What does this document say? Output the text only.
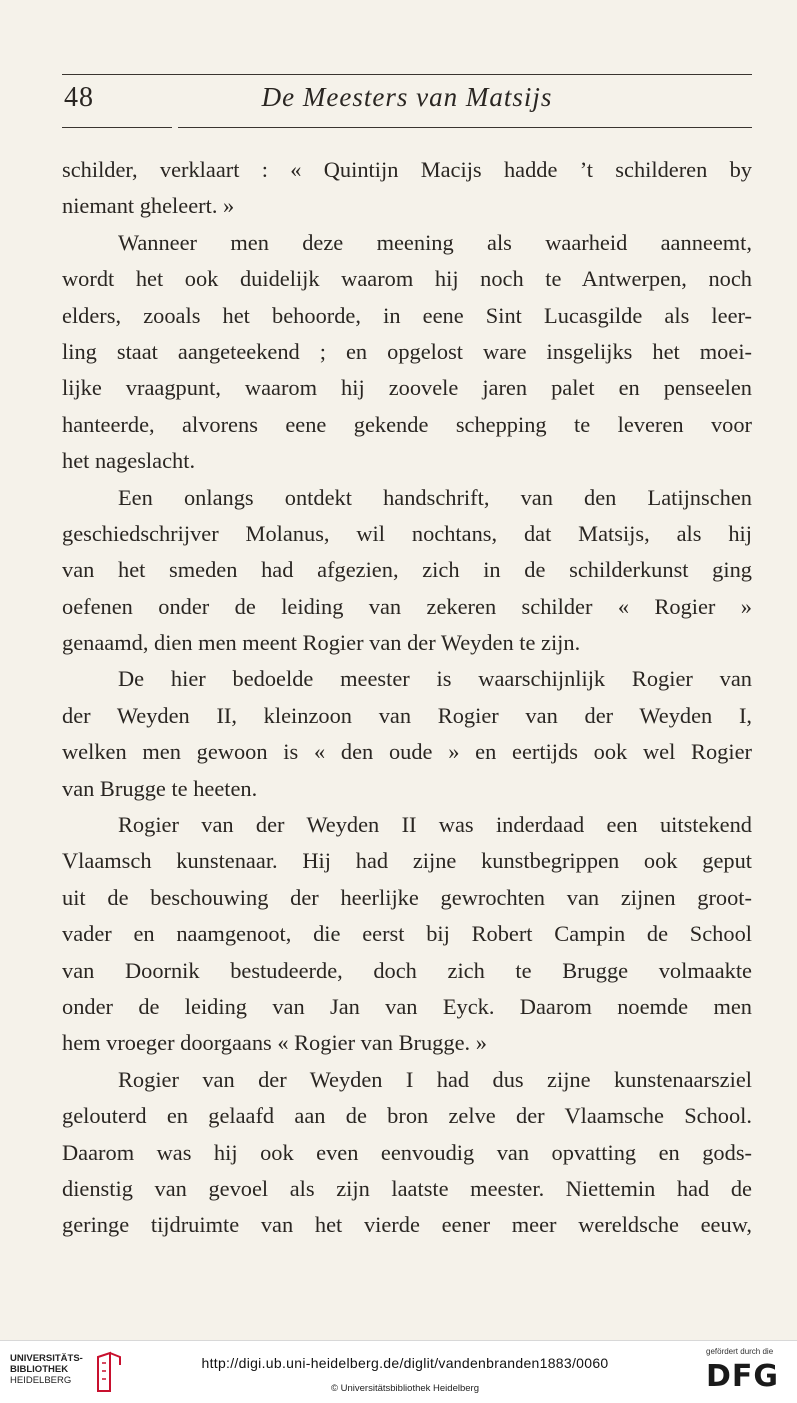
48	De Meesters van Matsijs
schilder, verklaart : « Quintijn Macijs hadde ’t schilderen by
niemant gheleert. »
Wanneer men deze meening als waarheid aanneemt,
wordt het ook duidelijk waarom hij noch te Antwerpen, noch
elders, zooals het behoorde, in eene Sint Lucasgilde als leer-
ling staat aangeteekend ; en opgelost ware insgelijks het moei-
lijke vraagpunt, waarom hij zoovele jaren palet en penseelen
hanteerde, alvorens eene gekende schepping te leveren voor
het nageslacht.
Een onlangs ontdekt handschrift, van den Latijnschen
geschiedschrijver Molanus, wil nochtans, dat Matsijs, als hij
van het smeden had afgezien, zich in de schilderkunst ging
oefenen onder de leiding van zekeren schilder « Rogier »
genaamd, dien men meent Rogier van der Weyden te zijn.
De hier bedoelde meester is waarschijnlijk Rogier van
der Weyden II, kleinzoon van Rogier van der Weyden I,
welken men gewoon is « den oude » en eertijds ook wel Rogier
van Brugge te heeten.
Rogier van der Weyden II was inderdaad een uitstekend
Vlaamsch kunstenaar. Hij had zijne kunstbegrippen ook geput
uit de beschouwing der heerlijke gewrochten van zijnen groot-
vader en naamgenoot, die eerst bij Robert Campin de School
van Doornik bestudeerde, doch zich te Brugge volmaakte
onder de leiding van Jan van Eyck. Daarom noemde men
hem vroeger doorgaans « Rogier van Brugge. »
Rogier van der Weyden I had dus zijne kunstenaarsziel
gelouterd en gelaafd aan de bron zelve der Vlaamsche School.
Daarom was hij ook even eenvoudig van opvatting en gods-
dienstig van gevoel als zijn laatste meester. Niettemin had de
geringe tijdruimte van het vierde eener meer wereldsche eeuw,
UNIVERSITÄTS-
BIBLIOTHEK
HEIDELBERG
http://digi.ub.uni-heidelberg.de/diglit/vandenbranden1883/0060
© Universitätsbibliothek Heidelberg
gefördert durch die
DFG
